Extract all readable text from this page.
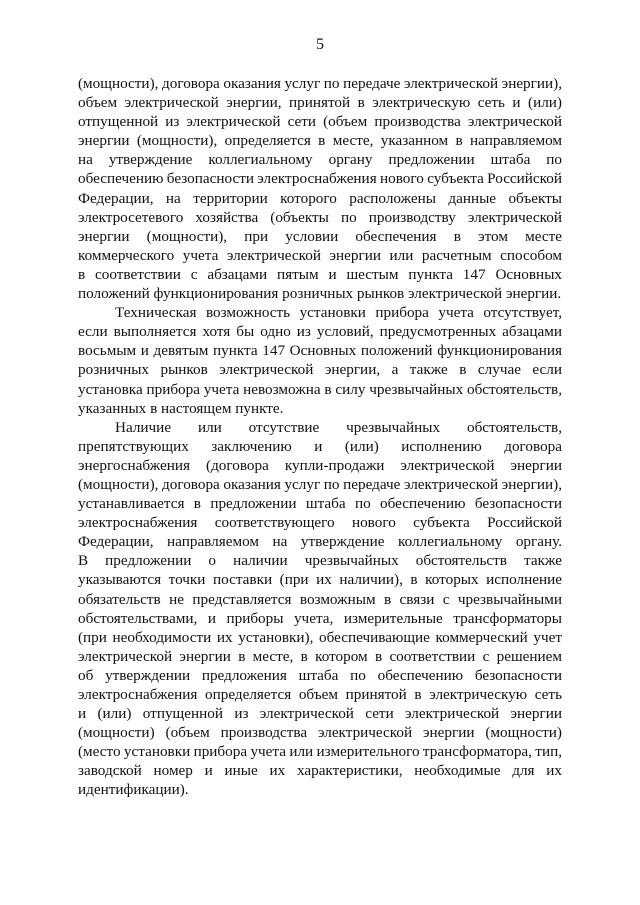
5
(мощности), договора оказания услуг по передаче электрической энергии),
объем электрической энергии, принятой в электрическую сеть и (или)
отпущенной из электрической сети (объем производства электрической
энергии (мощности), определяется в месте, указанном в направляемом
на утверждение коллегиальному органу предложении штаба по
обеспечению безопасности электроснабжения нового субъекта Российской
Федерации, на территории которого расположены данные объекты
электросетевого хозяйства (объекты по производству электрической
энергии (мощности), при условии обеспечения в этом месте
коммерческого учета электрической энергии или расчетным способом
в соответствии с абзацами пятым и шестым пункта 147 Основных
положений функционирования розничных рынков электрической энергии.
Техническая возможность установки прибора учета отсутствует,
если выполняется хотя бы одно из условий, предусмотренных абзацами
восьмым и девятым пункта 147 Основных положений функционирования
розничных рынков электрической энергии, а также в случае если
установка прибора учета невозможна в силу чрезвычайных обстоятельств,
указанных в настоящем пункте.
Наличие или отсутствие чрезвычайных обстоятельств,
препятствующих заключению и (или) исполнению договора
энергоснабжения (договора купли-продажи электрической энергии
(мощности), договора оказания услуг по передаче электрической энергии),
устанавливается в предложении штаба по обеспечению безопасности
электроснабжения соответствующего нового субъекта Российской
Федерации, направляемом на утверждение коллегиальному органу.
В предложении о наличии чрезвычайных обстоятельств также
указываются точки поставки (при их наличии), в которых исполнение
обязательств не представляется возможным в связи с чрезвычайными
обстоятельствами, и приборы учета, измерительные трансформаторы
(при необходимости их установки), обеспечивающие коммерческий учет
электрической энергии в месте, в котором в соответствии с решением
об утверждении предложения штаба по обеспечению безопасности
электроснабжения определяется объем принятой в электрическую сеть
и (или) отпущенной из электрической сети электрической энергии
(мощности) (объем производства электрической энергии (мощности)
(место установки прибора учета или измерительного трансформатора, тип,
заводской номер и иные их характеристики, необходимые для их
идентификации).
